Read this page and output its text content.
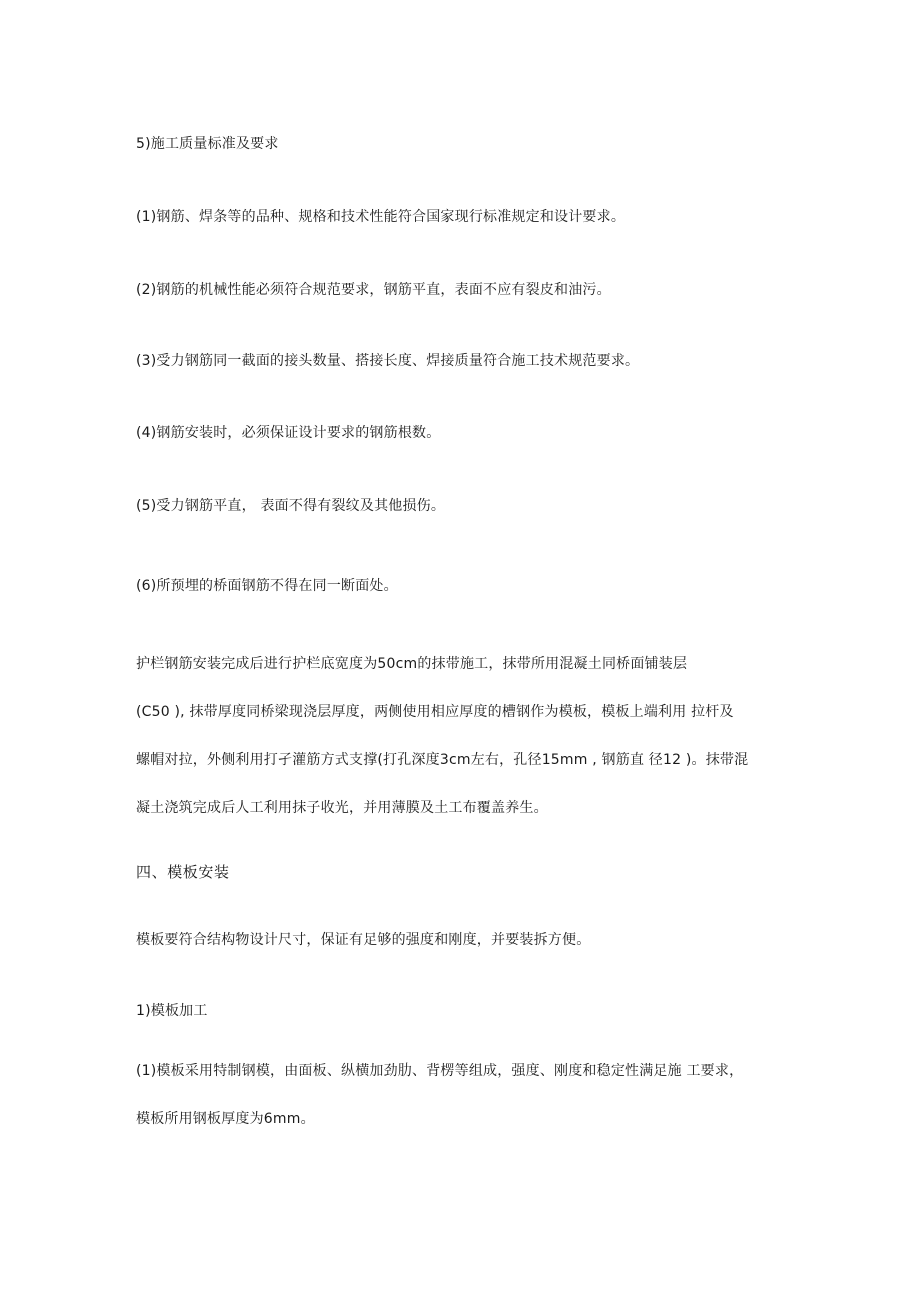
5)施工质量标准及要求
(1)钢筋、焊条等的品种、规格和技术性能符合国家现行标准规定和设计要求。
(2)钢筋的机械性能必须符合规范要求，钢筋平直，表面不应有裂皮和油污。
(3)受力钢筋同一截面的接头数量、搭接长度、焊接质量符合施工技术规范要求。
(4)钢筋安装时，必须保证设计要求的钢筋根数。
(5)受力钢筋平直， 表面不得有裂纹及其他损伤。
(6)所预埋的桥面钢筋不得在同一断面处。
护栏钢筋安装完成后进行护栏底宽度为50cm的抹带施工，抹带所用混凝土同桥面铺装层
(C50 ), 抹带厚度同桥梁现浇层厚度，两侧使用相应厚度的槽钢作为模板，模板上端利用 拉杆及
螺帽对拉，外侧利用打孑灌筋方式支撑(打孔深度3cm左右，孔径15mm , 钢筋直 径12 )。抹带混
凝土浇筑完成后人工利用抹子收光，并用薄膜及土工布覆盖养生。
四、模板安装
模板要符合结构物设计尺寸，保证有足够的强度和刚度，并要装拆方便。
1)模板加工
(1)模板采用特制钢模，由面板、纵横加劲肋、背楞等组成，强度、刚度和稳定性满足施 工要求，
模板所用钢板厚度为6mm。
